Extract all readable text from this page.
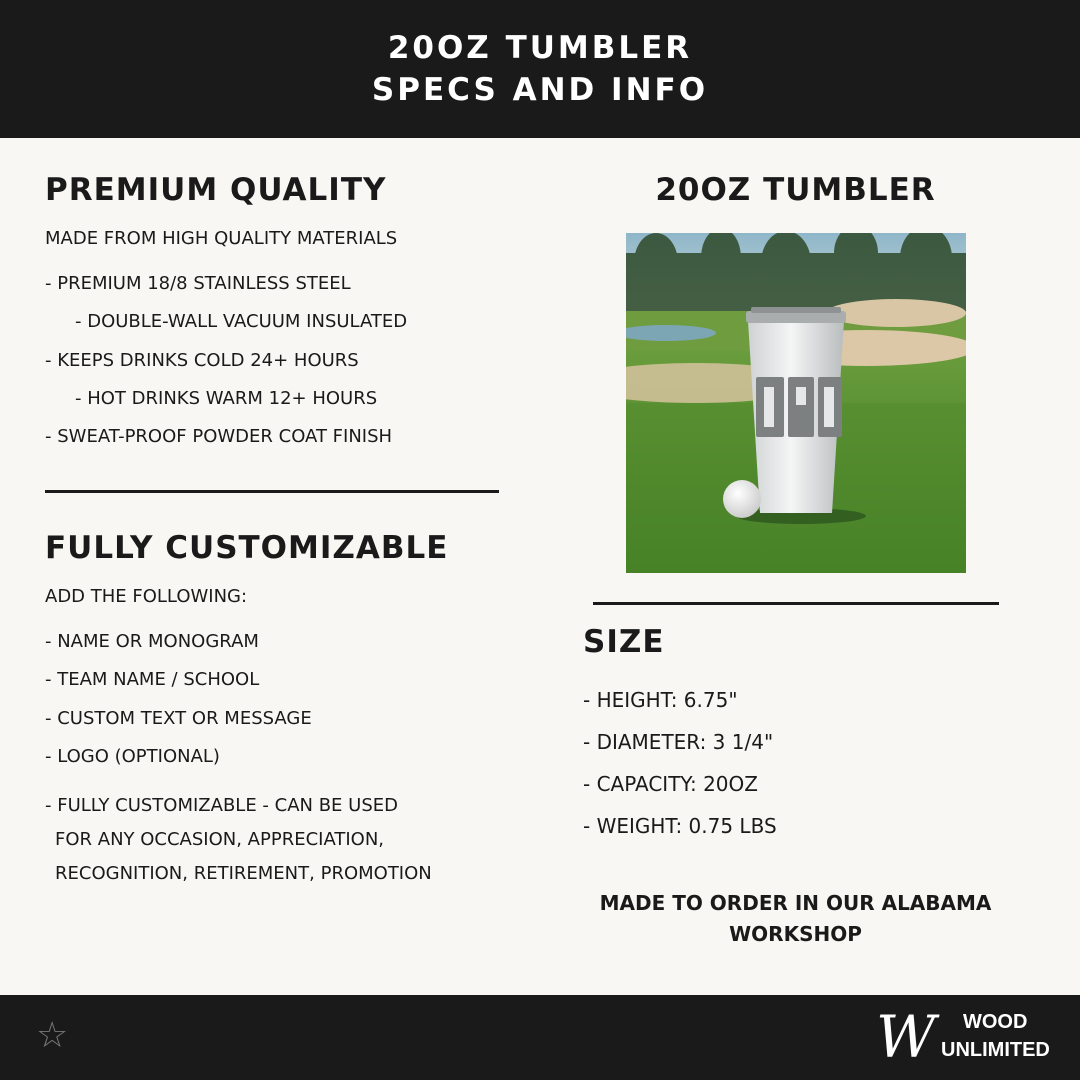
20OZ TUMBLER
SPECS AND INFO
PREMIUM QUALITY
MADE FROM HIGH QUALITY MATERIALS
- PREMIUM 18/8 STAINLESS STEEL
- DOUBLE-WALL VACUUM INSULATED
- KEEPS DRINKS COLD 24+ HOURS
- HOT DRINKS WARM 12+ HOURS
- SWEAT-PROOF POWDER COAT FINISH
FULLY CUSTOMIZABLE
ADD THE FOLLOWING:
- NAME OR MONOGRAM
- TEAM NAME / SCHOOL
- CUSTOM TEXT OR MESSAGE
- LOGO (OPTIONAL)
- FULLY CUSTOMIZABLE - CAN BE USED
FOR ANY OCCASION, APPRECIATION,
RECOGNITION, RETIREMENT, PROMOTION
20OZ TUMBLER
SIZE
- HEIGHT: 6.75"
- DIAMETER: 3 1/4"
- CAPACITY: 20OZ
- WEIGHT: 0.75 LBS
MADE TO ORDER IN OUR ALABAMA
WORKSHOP
☆	W WOOD
UNLIMITED
